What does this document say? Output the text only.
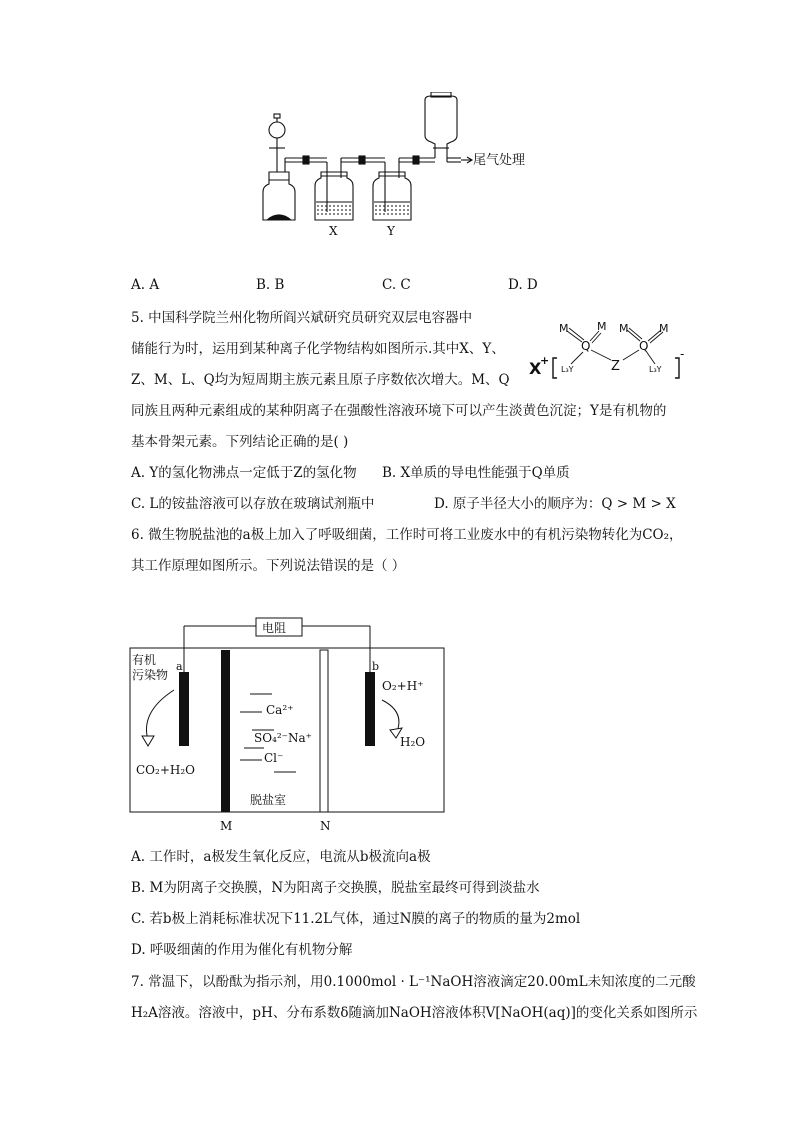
尾气处理
X	Y
A. A	B. B	C. C	D. D
5. 中国科学院兰州化物所阎兴斌研究员研究双层电容器中
储能行为时，运用到某种离子化学物结构如图所示.其中X、Y、
Z、M、L、Q均为短周期主族元素且原子序数依次增大。M、Q
同族且两种元素组成的某种阴离子在强酸性溶液环境下可以产生淡黄色沉淀；Y是有机物的
基本骨架元素。下列结论正确的是( )
X
+	-
M	M
Q
L₃Y	Z
M	M
Q
L₃Y
A. Y的氢化物沸点一定低于Z的氢化物 B. X单质的导电性能强于Q单质
C. L的铵盐溶液可以存放在玻璃试剂瓶中	D. 原子半径大小的顺序为：Q > M > X
6. 微生物脱盐池的a极上加入了呼吸细菌，工作时可将工业废水中的有机污染物转化为CO₂，
其工作原理如图所示。下列说法错误的是（ ）
电阻
有机
污染物
a	b
CO₂+H₂O
O₂+H⁺
H₂O
Ca²⁺
SO₄²⁻Na⁺
Cl⁻
脱盐室
M	N
A. 工作时，a极发生氧化反应，电流从b极流向a极
B. M为阴离子交换膜，N为阳离子交换膜，脱盐室最终可得到淡盐水
C. 若b极上消耗标准状况下11.2L气体，通过N膜的离子的物质的量为2mol
D. 呼吸细菌的作用为催化有机物分解
7. 常温下，以酚酞为指示剂，用0.1000mol · L⁻¹NaOH溶液滴定20.00mL未知浓度的二元酸
H₂A溶液。溶液中，pH、分布系数δ随滴加NaOH溶液体积V[NaOH(aq)]的变化关系如图所示
